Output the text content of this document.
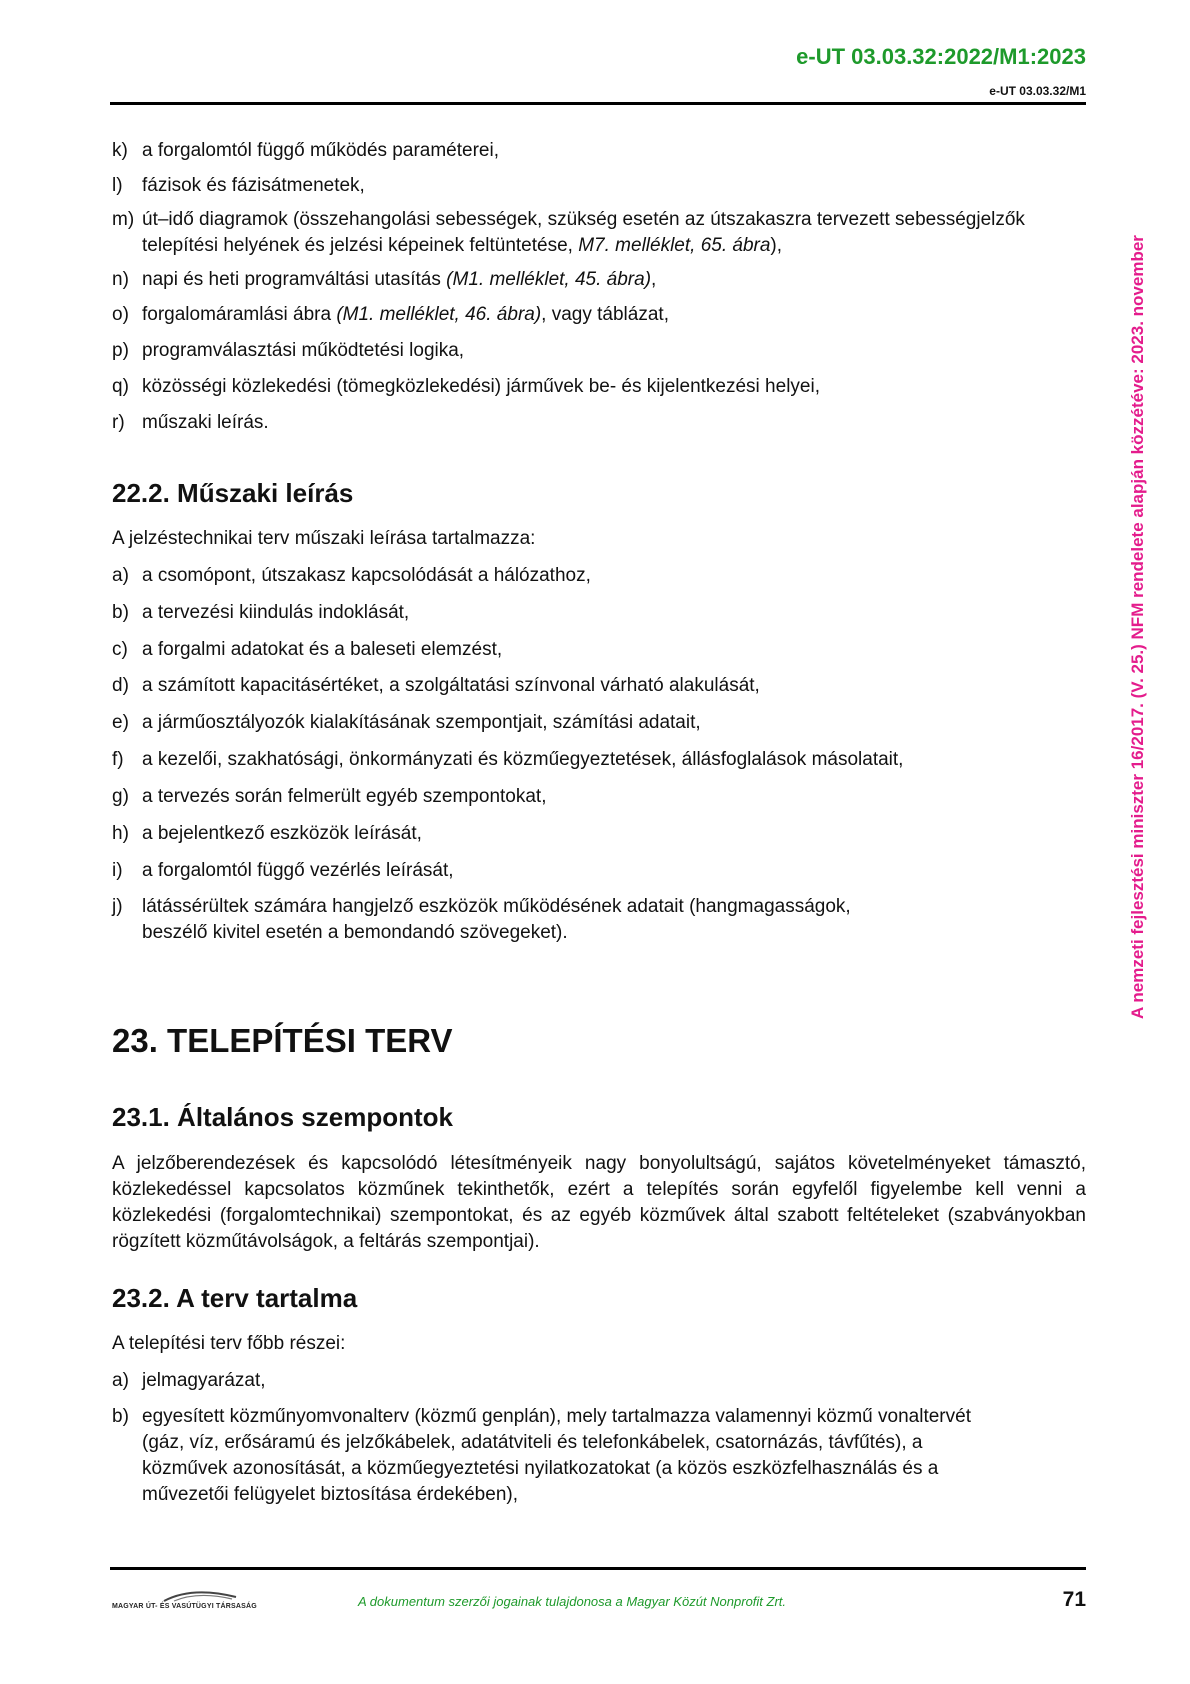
e-UT 03.03.32:2022/M1:2023
e-UT 03.03.32/M1
A nemzeti fejlesztési miniszter 16/2017. (V. 25.) NFM rendelete alapján közzétéve: 2023. november

k) a forgalomtól függő működés paraméterei,

l)	fázisok és fázisátmenetek,

m) út–idő diagramok (összehangolási sebességek, szükség esetén az útszakaszra tervezett sebességjelzők telepítési helyének és jelzési képeinek feltüntetése, M7. melléklet, 65. ábra),

n) napi és heti programváltási utasítás (M1. melléklet, 45. ábra),

o) forgalomáramlási ábra (M1. melléklet, 46. ábra), vagy táblázat,

p) programválasztási működtetési logika,

q) közösségi közlekedési (tömegközlekedési) járművek be- és kijelentkezési helyei,

r) műszaki leírás.

22.2. Műszaki leírás

A jelzéstechnikai terv műszaki leírása tartalmazza:

a) a csomópont, útszakasz kapcsolódását a hálózathoz,

b) a tervezési kiindulás indoklását,

c) a forgalmi adatokat és a baleseti elemzést,

d) a számított kapacitásértéket, a szolgáltatási színvonal várható alakulását,

e) a járműosztályozók kialakításának szempontjait, számítási adatait,

f) a kezelői, szakhatósági, önkormányzati és közműegyeztetések, állásfoglalások másolatait,

g) a tervezés során felmerült egyéb szempontokat,

h) a bejelentkező eszközök leírását,

i)	a forgalomtól függő vezérlés leírását,

j)	látássérültek számára hangjelző eszközök működésének adatait (hangmagasságok, beszélő kivitel esetén a bemondandó szövegeket).

23. TELEPÍTÉSI TERV
23.1. Általános szempontok

A jelzőberendezések és kapcsolódó létesítményeik nagy bonyolultságú, sajátos követelményeket támasztó, közlekedéssel kapcsolatos közműnek tekinthetők, ezért a telepítés során egyfelől figyelembe kell venni a közlekedési (forgalomtechnikai) szempontokat, és az egyéb közművek által szabott feltételeket (szabványokban rögzített közműtávolságok, a feltárás szempontjai).

23.2. A terv tartalma

A telepítési terv főbb részei:

a) jelmagyarázat,

b) egyesített közműnyomvonalterv (közmű genplán), mely tartalmazza valamennyi közmű vonaltervét (gáz, víz, erősáramú és jelzőkábelek, adatátviteli és telefonkábelek, csatornázás, távfűtés), a közművek azonosítását, a közműegyeztetési nyilatkozatokat (a közös eszközfelhasználás és a művezetői felügyelet biztosítása érdekében),

MAGYAR ÚT- ÉS VASÚTÜGYI TÁRSASÁG	A dokumentum szerzői jogainak tulajdonosa a Magyar Közút Nonprofit Zrt.	71
